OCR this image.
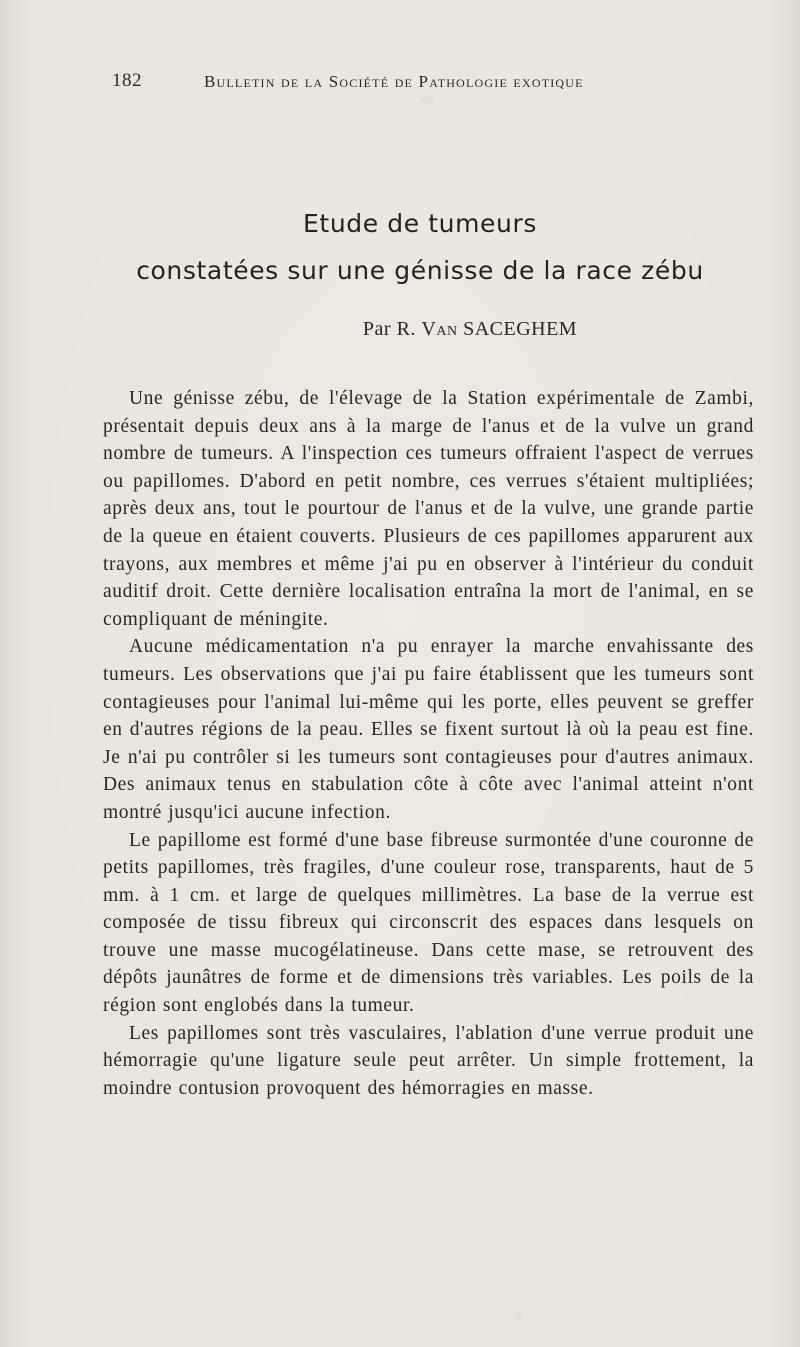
182	Bulletin de la Société de Pathologie exotique
Etude de tumeurs
constatées sur une génisse de la race zébu
Par R. Van SACEGHEM

Une génisse zébu, de l'élevage de la Station expérimentale de Zambi, présentait depuis deux ans à la marge de l'anus et de la vulve un grand nombre de tumeurs. A l'inspection ces tumeurs offraient l'aspect de verrues ou papillomes. D'abord en petit nombre, ces verrues s'étaient multipliées; après deux ans, tout le pourtour de l'anus et de la vulve, une grande partie de la queue en étaient couverts. Plusieurs de ces papillomes apparurent aux trayons, aux membres et même j'ai pu en observer à l'intérieur du conduit auditif droit. Cette dernière localisation entraîna la mort de l'animal, en se compliquant de méningite.

Aucune médicamentation n'a pu enrayer la marche envahissante des tumeurs. Les observations que j'ai pu faire établissent que les tumeurs sont contagieuses pour l'animal lui-même qui les porte, elles peuvent se greffer en d'autres régions de la peau. Elles se fixent surtout là où la peau est fine. Je n'ai pu contrôler si les tumeurs sont contagieuses pour d'autres animaux. Des animaux tenus en stabulation côte à côte avec l'animal atteint n'ont montré jusqu'ici aucune infection.

Le papillome est formé d'une base fibreuse surmontée d'une couronne de petits papillomes, très fragiles, d'une couleur rose, transparents, haut de 5 mm. à 1 cm. et large de quelques millimètres. La base de la verrue est composée de tissu fibreux qui circonscrit des espaces dans lesquels on trouve une masse mucogélatineuse. Dans cette mase, se retrouvent des dépôts jaunâtres de forme et de dimensions très variables. Les poils de la région sont englobés dans la tumeur.

Les papillomes sont très vasculaires, l'ablation d'une verrue produit une hémorragie qu'une ligature seule peut arrêter. Un simple frottement, la moindre contusion provoquent des hémorragies en masse.
